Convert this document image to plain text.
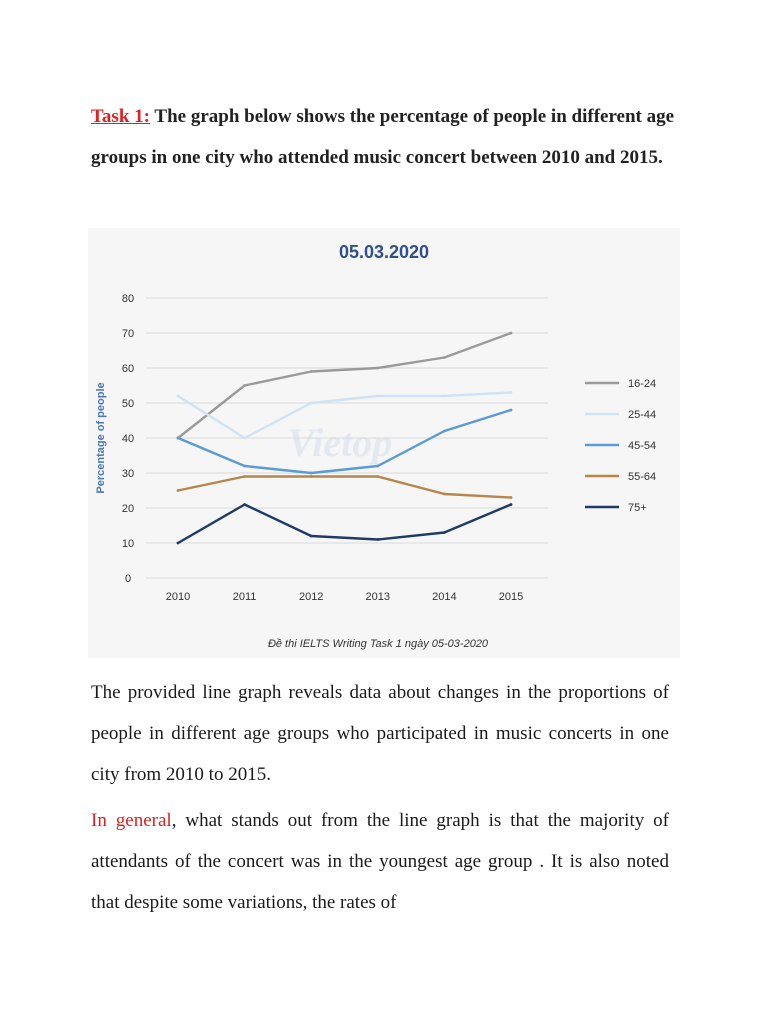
Task 1: The graph below shows the percentage of people in different age groups in one city who attended music concert between 2010 and 2015.
05.03.2020
Vietop
0
10
20
30
40
50
60
70
80
2010	2011	2012	2013	2014	2015
16-24
25-44
45-54
55-64
75+
Percentage of people
Đề thi IELTS Writing Task 1 ngày 05-03-2020
The provided line graph reveals data about changes in the proportions of people in different age groups who participated in music concerts in one city from 2010 to 2015.
In general, what stands out from the line graph is that the majority of attendants of the concert was in the youngest age group . It is also noted that despite some variations, the rates of
